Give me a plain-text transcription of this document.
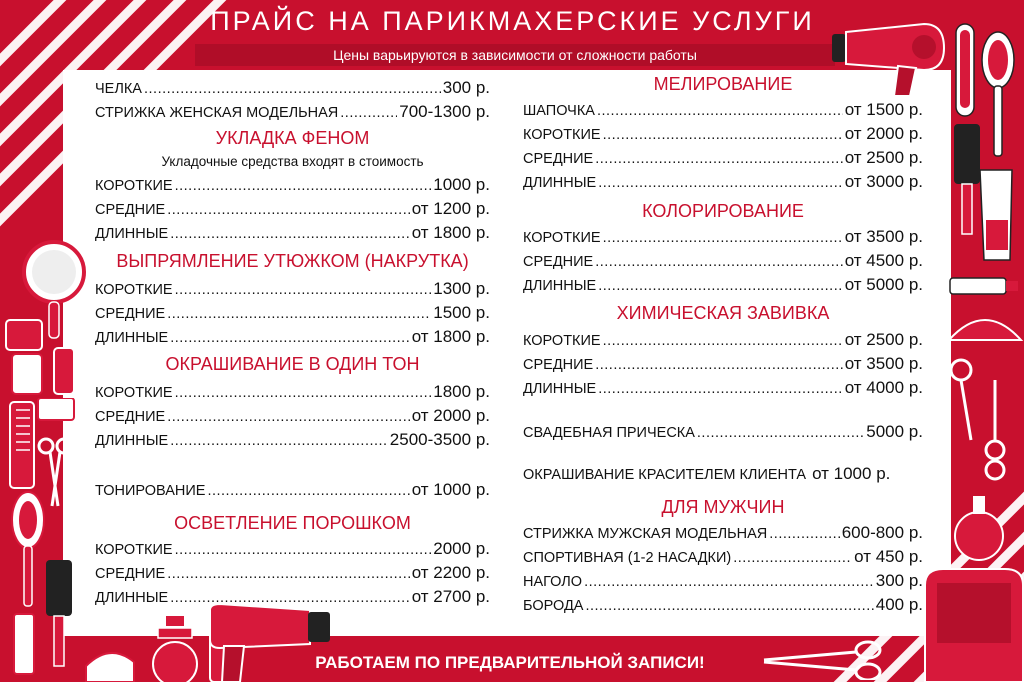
ПРАЙС НА ПАРИКМАХЕРСКИЕ УСЛУГИ
Цены варьируются в зависимости от сложности работы
ЧЕЛКА .....	300 р.
СТРИЖКА ЖЕНСКАЯ МОДЕЛЬНАЯ .....	700-1300 р.
УКЛАДКА ФЕНОМ
Укладочные средства входят в стоимость
КОРОТКИЕ .....	1000 р.
СРЕДНИЕ .....	от 1200 р.
ДЛИННЫЕ .....	от 1800 р.
ВЫПРЯМЛЕНИЕ УТЮЖКОМ (НАКРУТКА)
КОРОТКИЕ .....	1300 р.
СРЕДНИЕ .....	1500 р.
ДЛИННЫЕ .....	от 1800 р.
ОКРАШИВАНИЕ В ОДИН ТОН
КОРОТКИЕ .....	1800 р.
СРЕДНИЕ .....	от 2000 р.
ДЛИННЫЕ .....	2500-3500 р.
ТОНИРОВАНИЕ .....	от 1000 р.
ОСВЕТЛЕНИЕ ПОРОШКОМ
КОРОТКИЕ .....	2000 р.
СРЕДНИЕ .....	от 2200 р.
ДЛИННЫЕ .....	от 2700 р.
МЕЛИРОВАНИЕ
ШАПОЧКА .....	от 1500 р.
КОРОТКИЕ .....	от 2000 р.
СРЕДНИЕ .....	от 2500 р.
ДЛИННЫЕ .....	от 3000 р.
КОЛОРИРОВАНИЕ
КОРОТКИЕ .....	от 3500 р.
СРЕДНИЕ .....	от 4500 р.
ДЛИННЫЕ .....	от 5000 р.
ХИМИЧЕСКАЯ ЗАВИВКА
КОРОТКИЕ .....	от 2500 р.
СРЕДНИЕ .....	от 3500 р.
ДЛИННЫЕ .....	от 4000 р.
СВАДЕБНАЯ ПРИЧЕСКА .....	5000 р.
ОКРАШИВАНИЕ КРАСИТЕЛЕМ КЛИЕНТА от 1000 р.
ДЛЯ МУЖЧИН
СТРИЖКА МУЖСКАЯ МОДЕЛЬНАЯ .....	600-800 р.
СПОРТИВНАЯ (1-2 НАСАДКИ) .....	от 450 р.
НАГОЛО .....	300 р.
БОРОДА .....	400 р.
РАБОТАЕМ ПО ПРЕДВАРИТЕЛЬНОЙ ЗАПИСИ!
